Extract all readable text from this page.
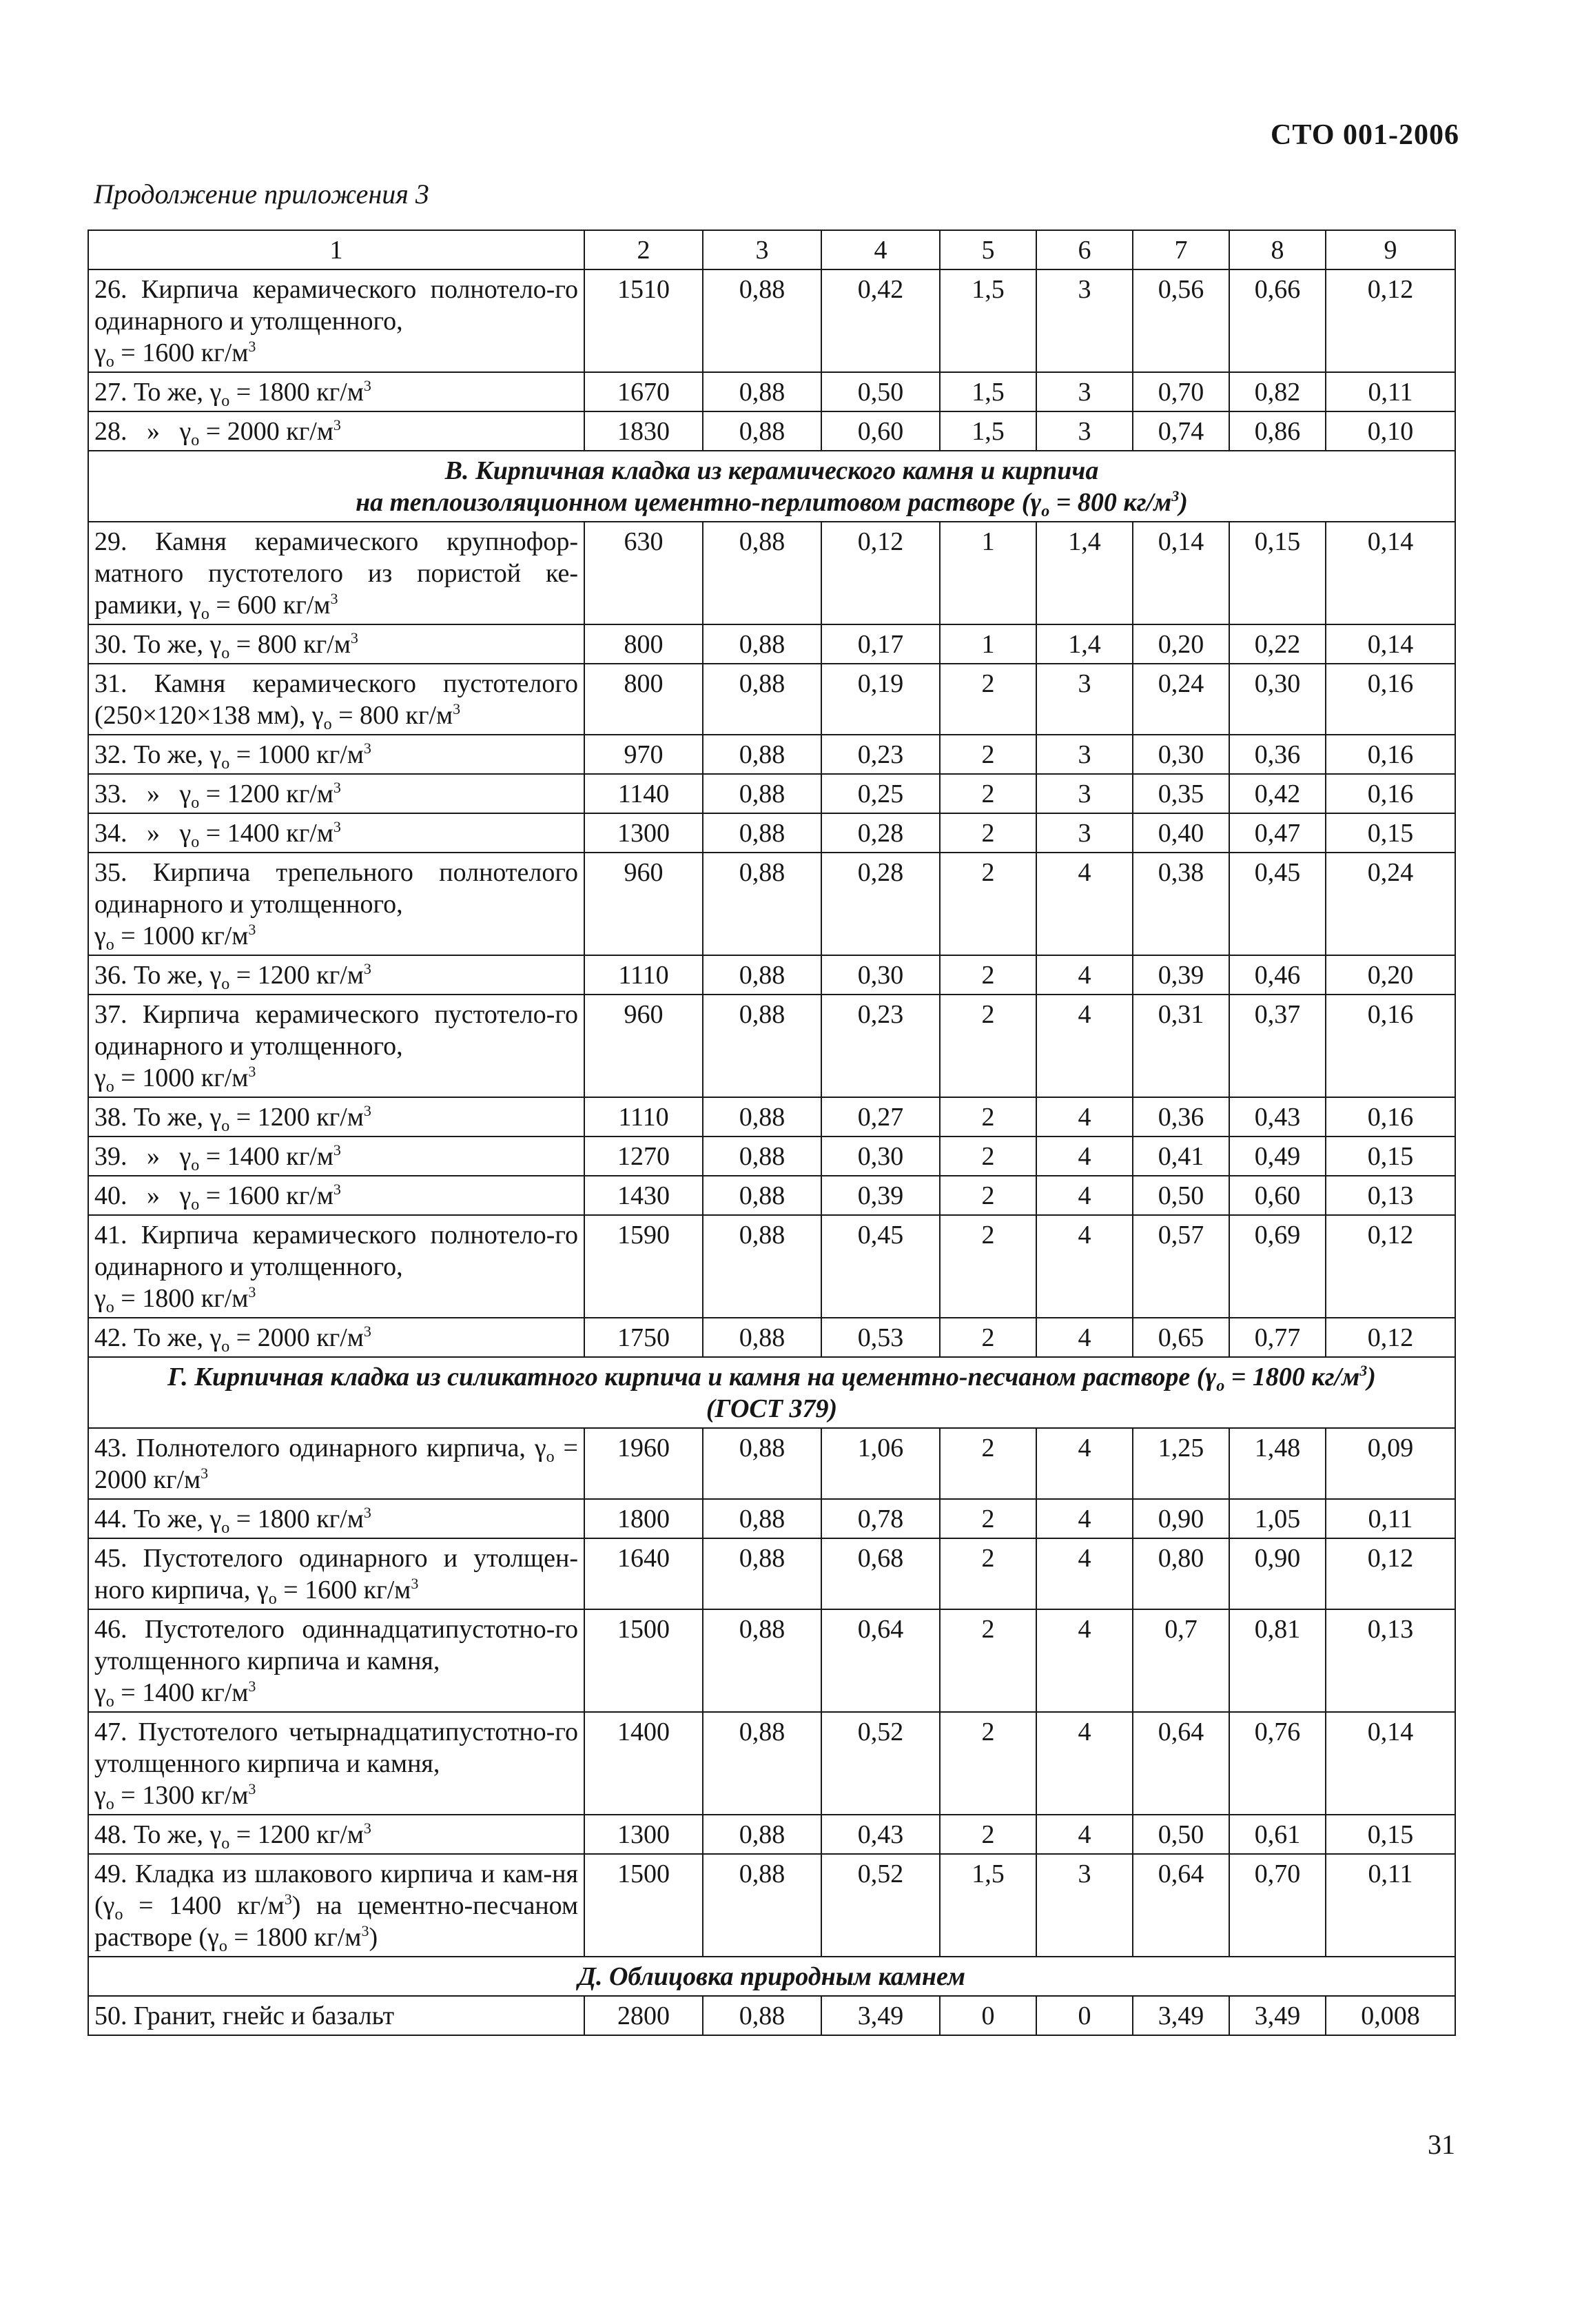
СТО 001-2006
Продолжение приложения 3
1	2	3	4	5	6	7	8	9
26. Кирпича керамического полнотело-го одинарного и утолщенного,
$\gamma_о = 1600$ $кг/м^3$	1510	0,88	0,42	1,5	3	0,56	0,66	0,12
27. То же, $\gamma_о = 1800$ $кг/м^3$	1670	0,88	0,50	1,5	3	0,70	0,82	0,11
28.   »   $\gamma_о = 2000$ $кг/м^3$	1830	0,88	0,60	1,5	3	0,74	0,86	0,10
В. Кирпичная кладка из керамического камня и кирпича
на теплоизоляционном цементно-перлитовом растворе ($\gamma_о = 800$ $кг/м^3$)								
29. Камня керамического крупнофор-матного пустотелого из пористой ке-рамики, $\gamma_о = 600$ $кг/м^3$	630	0,88	0,12	1	1,4	0,14	0,15	0,14
30. То же, $\gamma_о = 800$ $кг/м^3$	800	0,88	0,17	1	1,4	0,20	0,22	0,14
31. Камня керамического пустотелого (250×120×138 мм), $\gamma_о = 800$ $кг/м^3$	800	0,88	0,19	2	3	0,24	0,30	0,16
32. То же, $\gamma_о = 1000$ $кг/м^3$	970	0,88	0,23	2	3	0,30	0,36	0,16
33.   »   $\gamma_о = 1200$ $кг/м^3$	1140	0,88	0,25	2	3	0,35	0,42	0,16
34.   »   $\gamma_о = 1400$ $кг/м^3$	1300	0,88	0,28	2	3	0,40	0,47	0,15
35. Кирпича трепельного полнотелого одинарного и утолщенного,
$\gamma_о = 1000$ $кг/м^3$	960	0,88	0,28	2	4	0,38	0,45	0,24
36. То же, $\gamma_о = 1200$ $кг/м^3$	1110	0,88	0,30	2	4	0,39	0,46	0,20
37. Кирпича керамического пустотело-го одинарного и утолщенного,
$\gamma_о = 1000$ $кг/м^3$	960	0,88	0,23	2	4	0,31	0,37	0,16
38. То же, $\gamma_о = 1200$ $кг/м^3$	1110	0,88	0,27	2	4	0,36	0,43	0,16
39.   »   $\gamma_о = 1400$ $кг/м^3$	1270	0,88	0,30	2	4	0,41	0,49	0,15
40.   »   $\gamma_о = 1600$ $кг/м^3$	1430	0,88	0,39	2	4	0,50	0,60	0,13
41. Кирпича керамического полнотело-го одинарного и утолщенного,
$\gamma_о = 1800$ $кг/м^3$	1590	0,88	0,45	2	4	0,57	0,69	0,12
42. То же, $\gamma_о = 2000$ $кг/м^3$	1750	0,88	0,53	2	4	0,65	0,77	0,12
Г. Кирпичная кладка из силикатного кирпича и камня на цементно-песчаном растворе ($\gamma_о = 1800$ $кг/м^3$)
(ГОСТ 379)								
43. Полнотелого одинарного кирпича, $\gamma_о = 2000$ $кг/м^3$	1960	0,88	1,06	2	4	1,25	1,48	0,09
44. То же, $\gamma_о = 1800$ $кг/м^3$	1800	0,88	0,78	2	4	0,90	1,05	0,11
45. Пустотелого одинарного и утолщен-ного кирпича, $\gamma_о = 1600$ $кг/м^3$	1640	0,88	0,68	2	4	0,80	0,90	0,12
46. Пустотелого одиннадцатипустотно-го утолщенного кирпича и камня,
$\gamma_о = 1400$ $кг/м^3$	1500	0,88	0,64	2	4	0,7	0,81	0,13
47. Пустотелого четырнадцатипустотно-го утолщенного кирпича и камня,
$\gamma_о = 1300$ $кг/м^3$	1400	0,88	0,52	2	4	0,64	0,76	0,14
48. То же, $\gamma_о = 1200$ $кг/м^3$	1300	0,88	0,43	2	4	0,50	0,61	0,15
49. Кладка из шлакового кирпича и кам-ня ($\gamma_о = 1400$ $кг/м^3$) на цементно-песчаном растворе ($\gamma_о = 1800$ $кг/м^3$)	1500	0,88	0,52	1,5	3	0,64	0,70	0,11
Д. Облицовка природным камнем								
50. Гранит, гнейс и базальт	2800	0,88	3,49	0	0	3,49	3,49	0,008
31
